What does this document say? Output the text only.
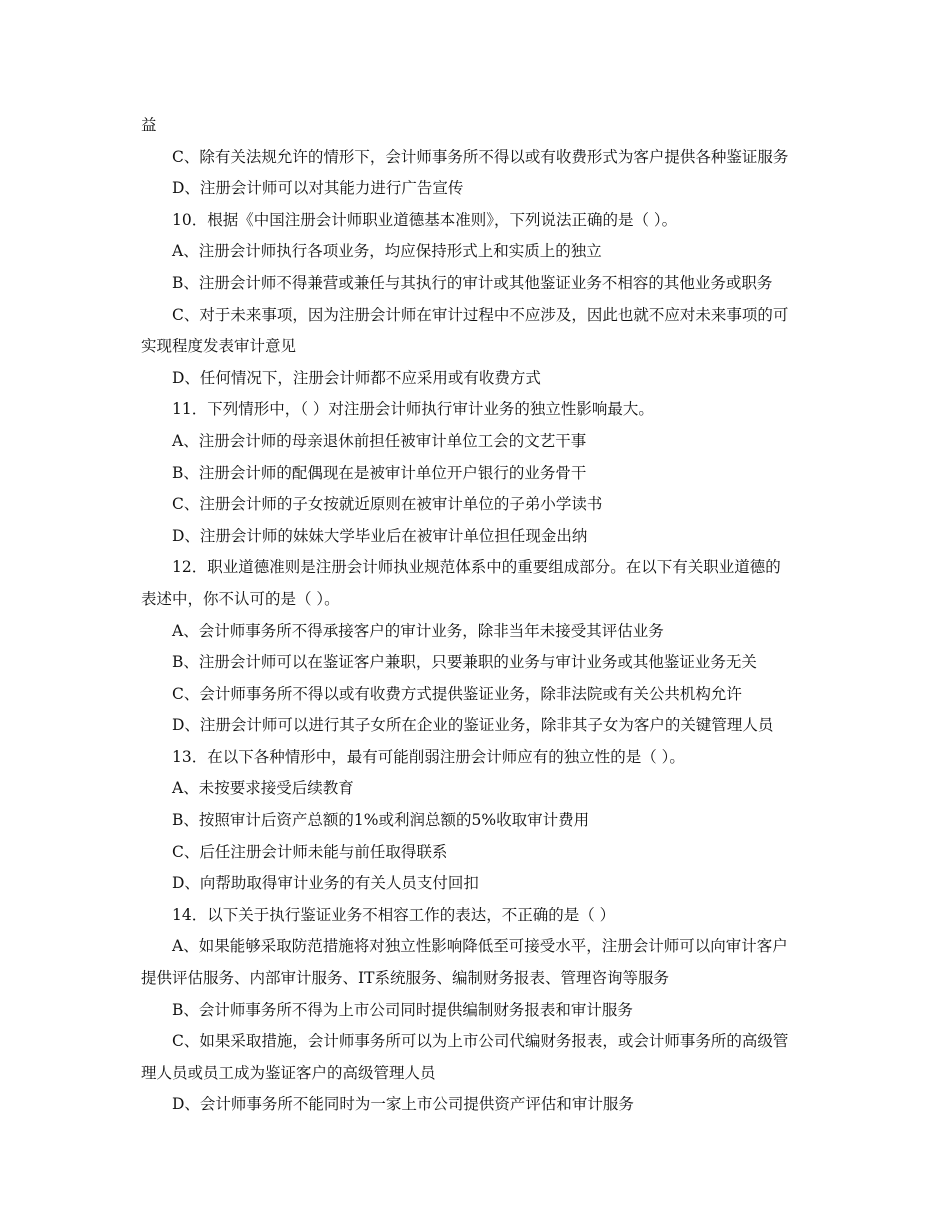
益
C、除有关法规允许的情形下，会计师事务所不得以或有收费形式为客户提供各种鉴证服务
D、注册会计师可以对其能力进行广告宣传
10．根据《中国注册会计师职业道德基本准则》，下列说法正确的是（ ）。
A、注册会计师执行各项业务，均应保持形式上和实质上的独立
B、注册会计师不得兼营或兼任与其执行的审计或其他鉴证业务不相容的其他业务或职务
C、对于未来事项，因为注册会计师在审计过程中不应涉及，因此也就不应对未来事项的可
实现程度发表审计意见
D、任何情况下，注册会计师都不应采用或有收费方式
11．下列情形中，（ ）对注册会计师执行审计业务的独立性影响最大。
A、注册会计师的母亲退休前担任被审计单位工会的文艺干事
B、注册会计师的配偶现在是被审计单位开户银行的业务骨干
C、注册会计师的子女按就近原则在被审计单位的子弟小学读书
D、注册会计师的妹妹大学毕业后在被审计单位担任现金出纳
12．职业道德准则是注册会计师执业规范体系中的重要组成部分。在以下有关职业道德的
表述中，你不认可的是（ ）。
A、会计师事务所不得承接客户的审计业务，除非当年未接受其评估业务
B、注册会计师可以在鉴证客户兼职，只要兼职的业务与审计业务或其他鉴证业务无关
C、会计师事务所不得以或有收费方式提供鉴证业务，除非法院或有关公共机构允许
D、注册会计师可以进行其子女所在企业的鉴证业务，除非其子女为客户的关键管理人员
13．在以下各种情形中，最有可能削弱注册会计师应有的独立性的是（ ）。
A、未按要求接受后续教育
B、按照审计后资产总额的1%或利润总额的5%收取审计费用
C、后任注册会计师未能与前任取得联系
D、向帮助取得审计业务的有关人员支付回扣
14．以下关于执行鉴证业务不相容工作的表达，不正确的是（ ）
A、如果能够采取防范措施将对独立性影响降低至可接受水平，注册会计师可以向审计客户
提供评估服务、内部审计服务、IT系统服务、编制财务报表、管理咨询等服务
B、会计师事务所不得为上市公司同时提供编制财务报表和审计服务
C、如果采取措施，会计师事务所可以为上市公司代编财务报表，或会计师事务所的高级管
理人员或员工成为鉴证客户的高级管理人员
D、会计师事务所不能同时为一家上市公司提供资产评估和审计服务
